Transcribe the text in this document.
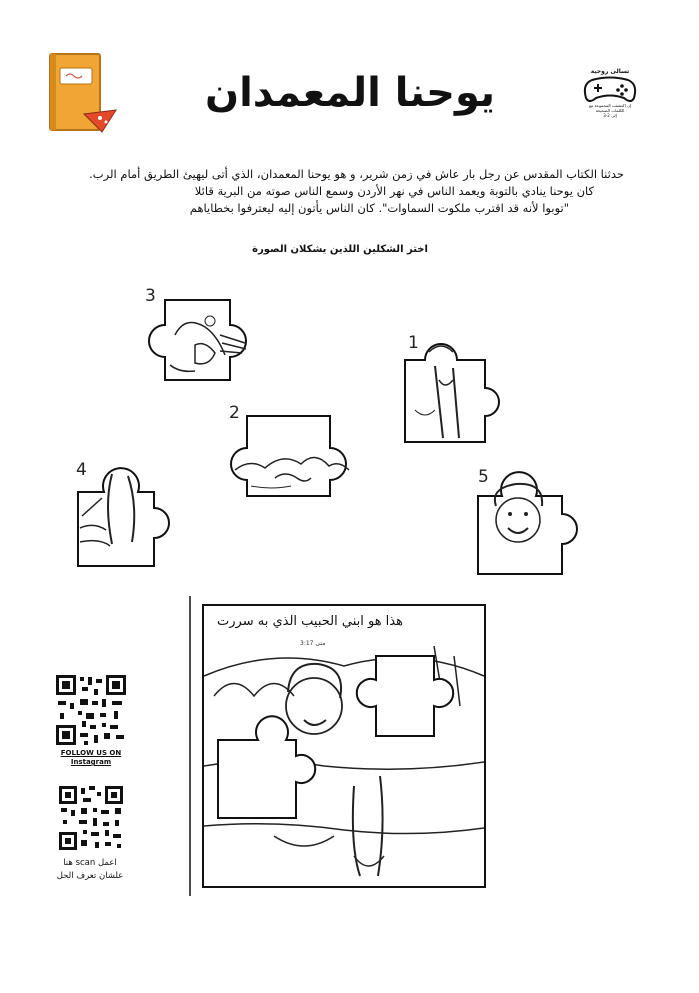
تسالى روحية
إن اكتشفت المجموعة مع
الكلمات الصحيحة
إلى 2-3
يوحنا المعمدان
حدثنا الكتاب المقدس عن رجل بار عاش في زمن شرير، و هو يوحنا المعمدان، الذي أتى ليهيئ الطريق أمام الرب.
كان يوحنا ينادي بالتوبة ويعمد الناس في نهر الأردن وسمع الناس صوته من البرية قائلا
"توبوا لأنه قد اقترب ملكوت السماوات". كان الناس يأتون إليه ليعترفوا بخطاياهم
اختر الشكلين اللذين يشكلان الصورة
3
1
2
4	5
هذا هو ابني الحبيب الذي به سررت
متى 3:17
FOLLOW US ON
Instagram
اعمل scan هنا علشان تعرف الحل
